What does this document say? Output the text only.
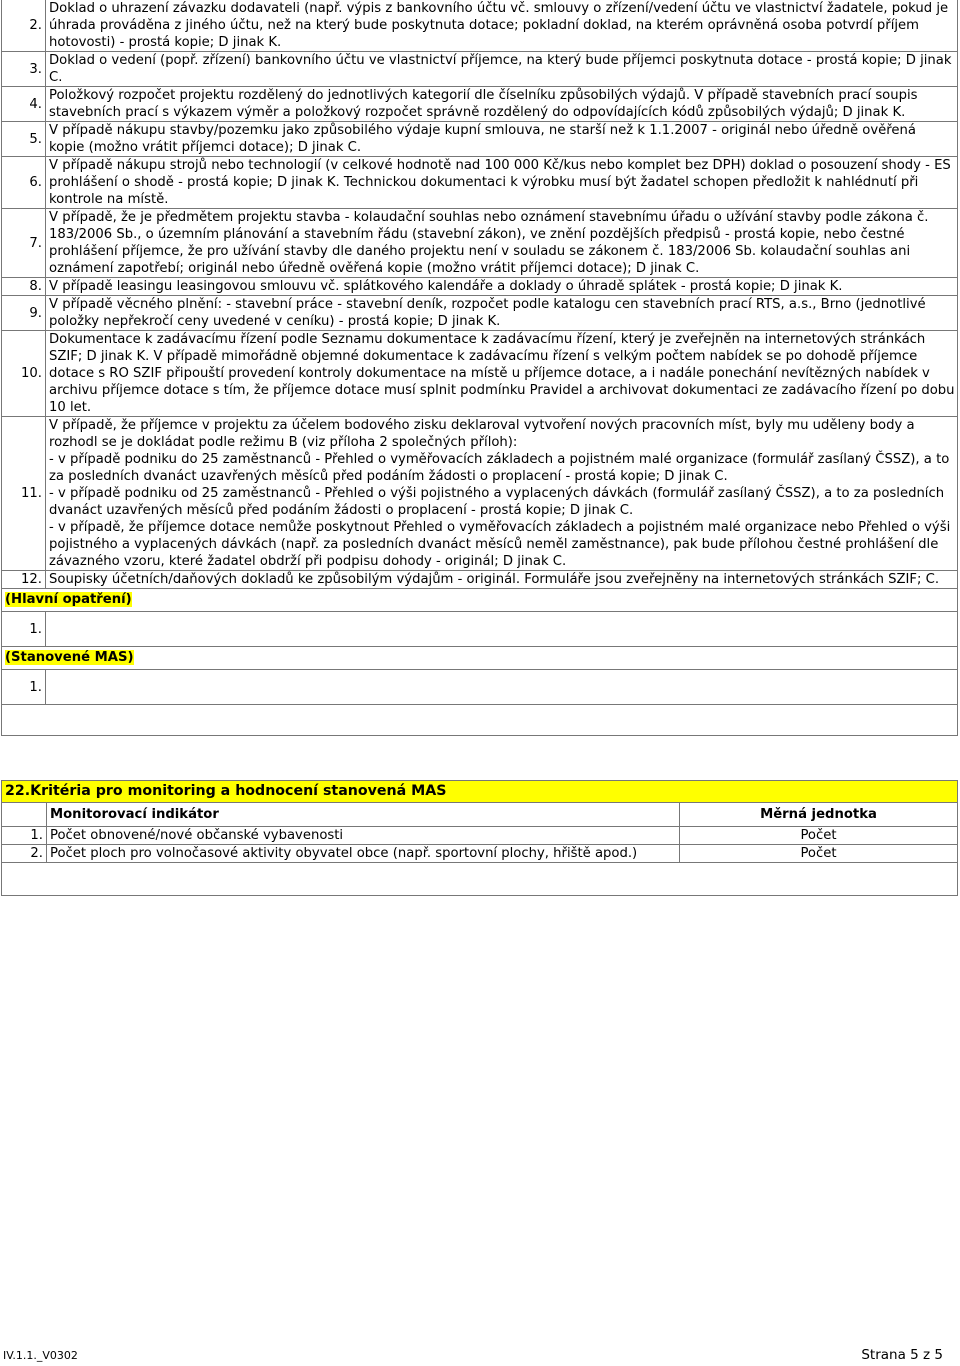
2.	Doklad o uhrazení závazku dodavateli (např. výpis z bankovního účtu vč. smlouvy o zřízení/vedení účtu ve vlastnictví žadatele, pokud je úhrada prováděna z jiného účtu, než na který bude poskytnuta dotace; pokladní doklad, na kterém oprávněná osoba potvrdí příjem hotovosti) - prostá kopie; D jinak K.
3.	Doklad o vedení (popř. zřízení) bankovního účtu ve vlastnictví příjemce, na který bude příjemci poskytnuta dotace - prostá kopie; D jinak C.
4.	Položkový rozpočet projektu rozdělený do jednotlivých kategorií dle číselníku způsobilých výdajů. V případě stavebních prací soupis stavebních prací s výkazem výměr a položkový rozpočet správně rozdělený do odpovídajících kódů způsobilých výdajů; D jinak K.
5.	V případě nákupu stavby/pozemku jako způsobilého výdaje kupní smlouva, ne starší než k 1.1.2007 - originál nebo úředně ověřená kopie (možno vrátit příjemci dotace); D jinak C.
6.	V případě nákupu strojů nebo technologií (v celkové hodnotě nad 100 000 Kč/kus nebo komplet bez DPH) doklad o posouzení shody - ES prohlášení o shodě - prostá kopie; D jinak K. Technickou dokumentaci k výrobku musí být žadatel schopen předložit k nahlédnutí při kontrole na místě.
7.	V případě, že je předmětem projektu stavba - kolaudační souhlas nebo oznámení stavebnímu úřadu o užívání stavby podle zákona č. 183/2006 Sb., o územním plánování a stavebním řádu (stavební zákon), ve znění pozdějších předpisů - prostá kopie, nebo čestné prohlášení příjemce, že pro užívání stavby dle daného projektu není v souladu se zákonem č. 183/2006 Sb. kolaudační souhlas ani oznámení zapotřebí; originál nebo úředně ověřená kopie (možno vrátit příjemci dotace); D jinak C.
8.	V případě leasingu leasingovou smlouvu vč. splátkového kalendáře a doklady o úhradě splátek - prostá kopie; D jinak K.
9.	V případě věcného plnění: - stavební práce - stavební deník, rozpočet podle katalogu cen stavebních prací RTS, a.s., Brno (jednotlivé položky nepřekročí ceny uvedené v ceníku) - prostá kopie; D jinak K.
10.	Dokumentace k zadávacímu řízení podle Seznamu dokumentace k zadávacímu řízení, který je zveřejněn na internetových stránkách SZIF; D jinak K. V případě mimořádně objemné dokumentace k zadávacímu řízení s velkým počtem nabídek se po dohodě příjemce dotace s RO SZIF připouští provedení kontroly dokumentace na místě u příjemce dotace, a i nadále ponechání nevítězných nabídek v archivu příjemce dotace s tím, že příjemce dotace musí splnit podmínku Pravidel a archivovat dokumentaci ze zadávacího řízení po dobu 10 let.
11.	V případě, že příjemce v projektu za účelem bodového zisku deklaroval vytvoření nových pracovních míst, byly mu uděleny body a rozhodl se je dokládat podle režimu B (viz příloha 2 společných příloh):
- v případě podniku do 25 zaměstnanců - Přehled o vyměřovacích základech a pojistném malé organizace (formulář zasílaný ČSSZ), a to za posledních dvanáct uzavřených měsíců před podáním žádosti o proplacení - prostá kopie; D jinak C.
- v případě podniku od 25 zaměstnanců - Přehled o výši pojistného a vyplacených dávkách (formulář zasílaný ČSSZ), a to za posledních dvanáct uzavřených měsíců před podáním žádosti o proplacení - prostá kopie; D jinak C.
- v případě, že příjemce dotace nemůže poskytnout Přehled o vyměřovacích základech a pojistném malé organizace nebo Přehled o výši pojistného a vyplacených dávkách (např. za posledních dvanáct měsíců neměl zaměstnance), pak bude přílohou čestné prohlášení dle závazného vzoru, které žadatel obdrží při podpisu dohody - originál; D jinak C.

12.	Soupisky účetních/daňových dokladů ke způsobilým výdajům - originál. Formuláře jsou zveřejněny na internetových stránkách SZIF; C.
(Hlavní opatření)	
1.	
(Stanovené MAS)	
1.	

22.Kritéria pro monitoring a hodnocení stanovená MAS		
	Monitorovací indikátor	Měrná jednotka
1.	Počet obnovené/nové občanské vybavenosti	Počet
2.	Počet ploch pro volnočasové aktivity obyvatel obce (např. sportovní plochy, hřiště apod.)	Počet

IV.1.1._V0302	Strana 5 z 5
